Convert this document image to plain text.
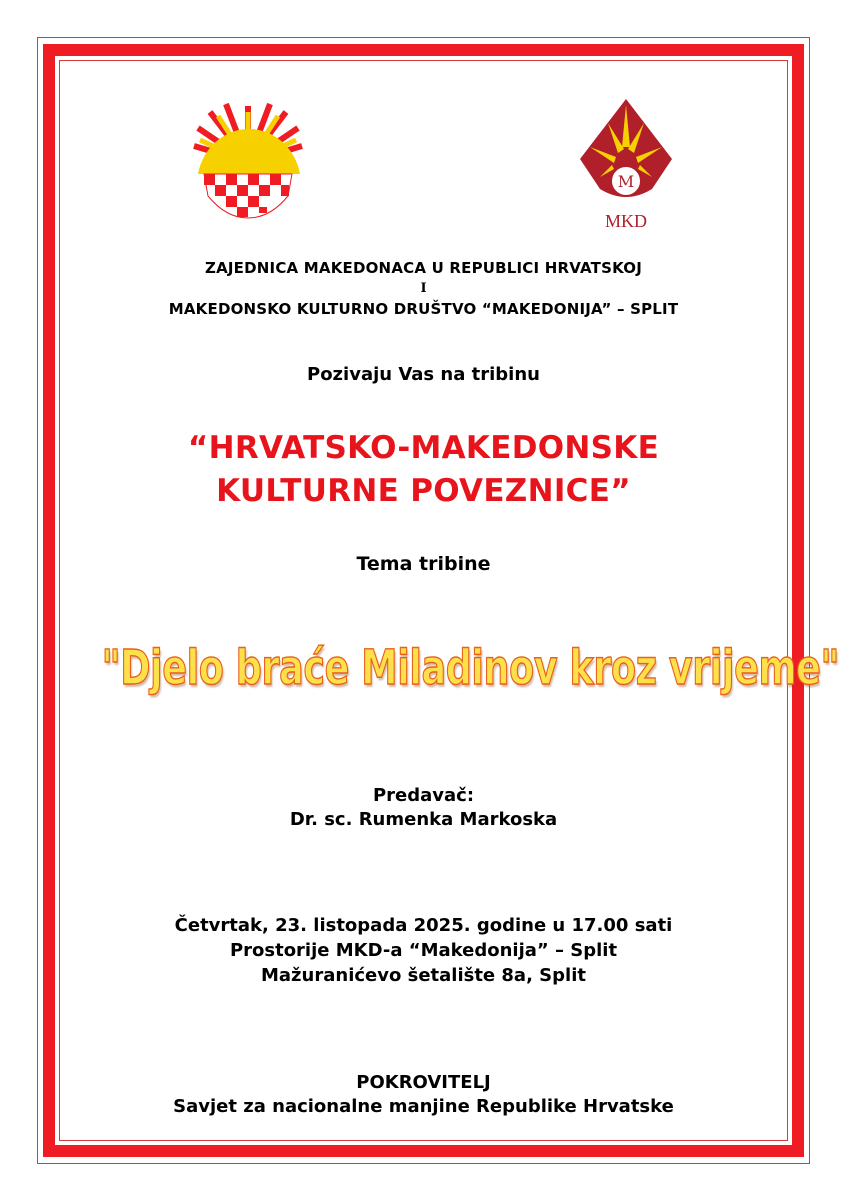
M
MKD
ZAJEDNICA MAKEDONACA U REPUBLICI HRVATSKOJ
I
MAKEDONSKO KULTURNO DRUŠTVO “MAKEDONIJA” – SPLIT
Pozivaju Vas na tribinu
“HRVATSKO-MAKEDONSKE
KULTURNE POVEZNICE”
Tema tribine
"Djelo braće Miladinov kroz vrijeme"
Predavač:
Dr. sc. Rumenka Markoska
Četvrtak, 23. listopada 2025. godine u 17.00 sati
Prostorije MKD-a “Makedonija” – Split
Mažuranićevo šetalište 8a, Split
POKROVITELJ
Savjet za nacionalne manjine Republike Hrvatske
